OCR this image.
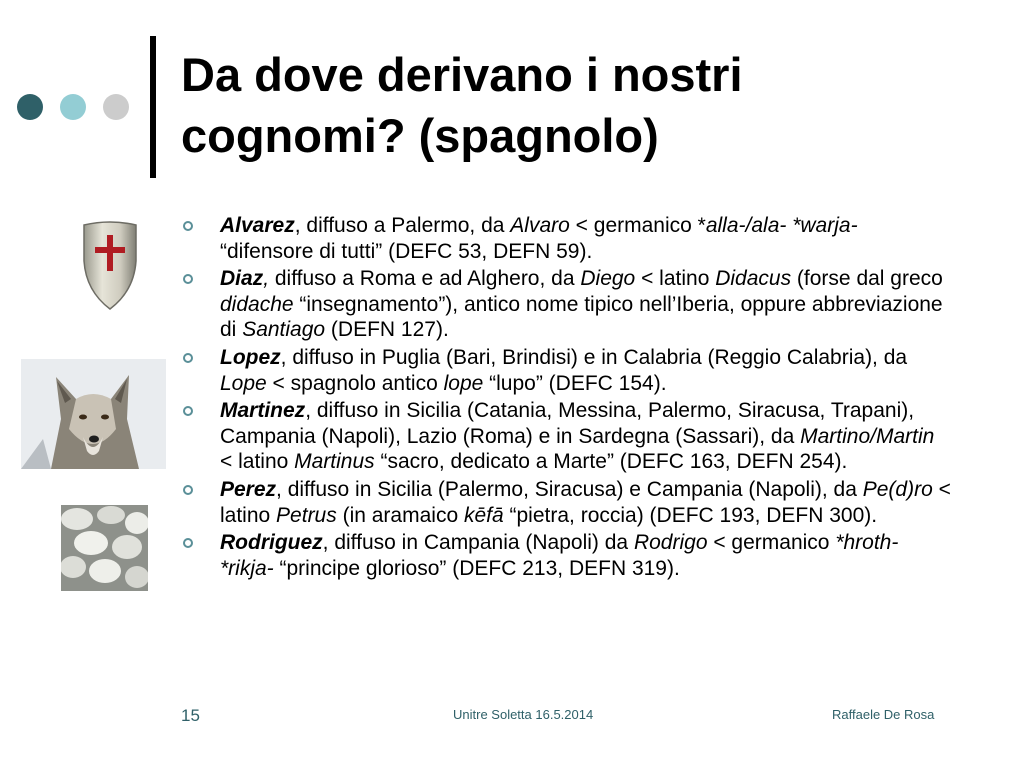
Da dove derivano i nostri
cognomi? (spagnolo)
Alvarez, diffuso a Palermo, da Alvaro < germanico *alla-/ala- *warja- “difensore di tutti” (DEFC 53, DEFN 59).
Diaz, diffuso a Roma e ad Alghero, da Diego < latino Didacus (forse dal greco didache “insegnamento”), antico nome tipico nell’Iberia, oppure abbreviazione di Santiago (DEFN 127).
Lopez, diffuso in Puglia (Bari, Brindisi) e in Calabria (Reggio Calabria), da Lope < spagnolo antico lope “lupo” (DEFC 154).
Martinez, diffuso in Sicilia (Catania, Messina, Palermo, Siracusa, Trapani), Campania (Napoli), Lazio (Roma) e in Sardegna (Sassari), da Martino/Martin < latino Martinus “sacro, dedicato a Marte” (DEFC 163, DEFN 254).
Perez, diffuso in Sicilia (Palermo, Siracusa) e Campania (Napoli), da Pe(d)ro < latino Petrus (in aramaico kēfā “pietra, roccia) (DEFC 193, DEFN 300).
Rodriguez, diffuso in Campania (Napoli) da Rodrigo < germanico *hroth-*rikja- “principe glorioso” (DEFC 213, DEFN 319).
15	Unitre Soletta 16.5.2014	Raffaele De Rosa
